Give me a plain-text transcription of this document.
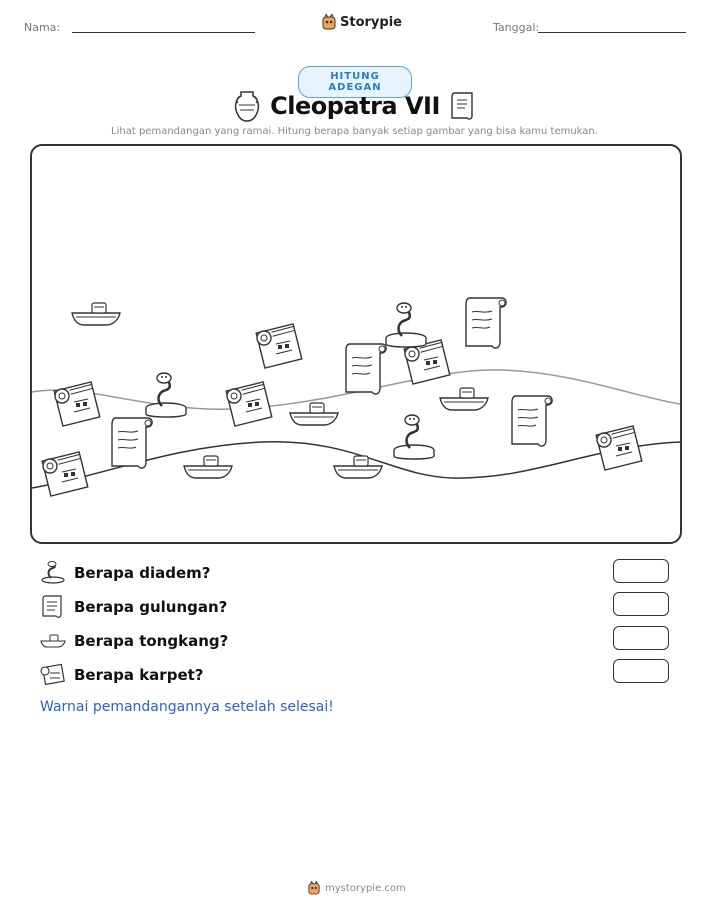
Nama:	Storypie	Tanggal:
HITUNG ADEGAN
Cleopatra VII
Lihat pemandangan yang ramai. Hitung berapa banyak setiap gambar yang bisa kamu temukan.
Berapa diadem?
Berapa gulungan?
Berapa tongkang?
Berapa karpet?
Warnai pemandangannya setelah selesai!
mystorypie.com
